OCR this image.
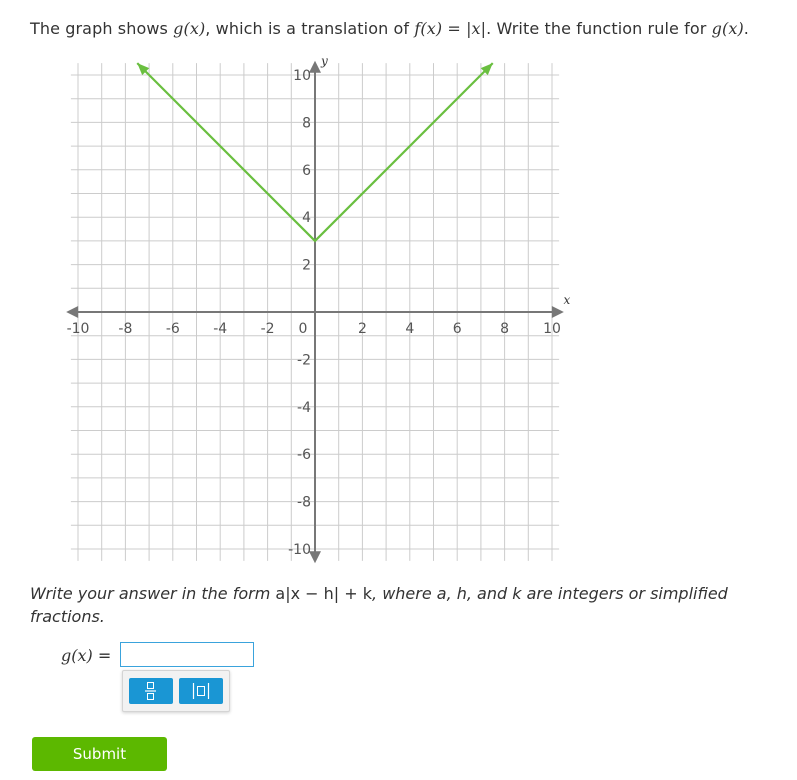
The graph shows g(x), which is a translation of f(x) = |x|. Write the function rule for g(x).
x
y
-10 -8 -6 -4 -2 0	2	4	6	8 10
10
8
6
4
2
-2
-4
-6
-8
-10
Write your answer in the form a|x − h| + k, where a, h, and k are integers or simplified fractions.
g(x) =
Submit
